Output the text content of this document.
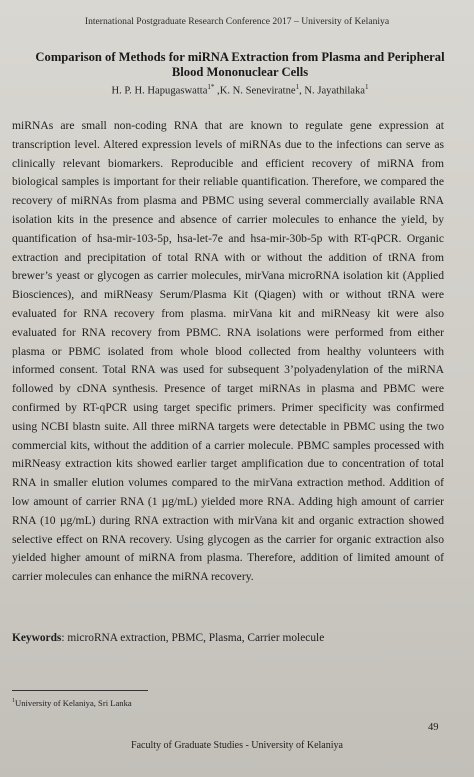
International Postgraduate Research Conference 2017 – University of Kelaniya
Comparison of Methods for miRNA Extraction from Plasma and Peripheral Blood Mononuclear Cells
H. P. H. Hapugaswatta$^{1*}$ ,K. N. Seneviratne$^1$, N. Jayathilaka$^1$

miRNAs are small non-coding RNA that are known to regulate gene expression at transcription level. Altered expression levels of miRNAs due to the infections can serve as clinically relevant biomarkers. Reproducible and efficient recovery of miRNA from biological samples is important for their reliable quantification. Therefore, we compared the recovery of miRNAs from plasma and PBMC using several commercially available RNA isolation kits in the presence and absence of carrier molecules to enhance the yield, by quantification of hsa-mir-103-5p, hsa-let-7e and hsa-mir-30b-5p with RT-qPCR. Organic extraction and precipitation of total RNA with or without the addition of tRNA from brewer’s yeast or glycogen as carrier molecules, mirVana microRNA isolation kit (Applied Biosciences), and miRNeasy Serum/Plasma Kit (Qiagen) with or without tRNA were evaluated for RNA recovery from plasma. mirVana kit and miRNeasy kit were also evaluated for RNA recovery from PBMC. RNA isolations were performed from either plasma or PBMC isolated from whole blood collected from healthy volunteers with informed consent. Total RNA was used for subsequent 3’polyadenylation of the miRNA followed by cDNA synthesis. Presence of target miRNAs in plasma and PBMC were confirmed by RT-qPCR using target specific primers. Primer specificity was confirmed using NCBI blastn suite. All three miRNA targets were detectable in PBMC using the two commercial kits, without the addition of a carrier molecule. PBMC samples processed with miRNeasy extraction kits showed earlier target amplification due to concentration of total RNA in smaller elution volumes compared to the mirVana extraction method. Addition of low amount of carrier RNA (1 µg/mL) yielded more RNA. Adding high amount of carrier RNA (10 µg/mL) during RNA extraction with mirVana kit and organic extraction showed selective effect on RNA recovery. Using glycogen as the carrier for organic extraction also yielded higher amount of miRNA from plasma. Therefore, addition of limited amount of carrier molecules can enhance the miRNA recovery.

Keywords: microRNA extraction, PBMC, Plasma, Carrier molecule
$^1$University of Kelaniya, Sri Lanka
49
Faculty of Graduate Studies - University of Kelaniya
